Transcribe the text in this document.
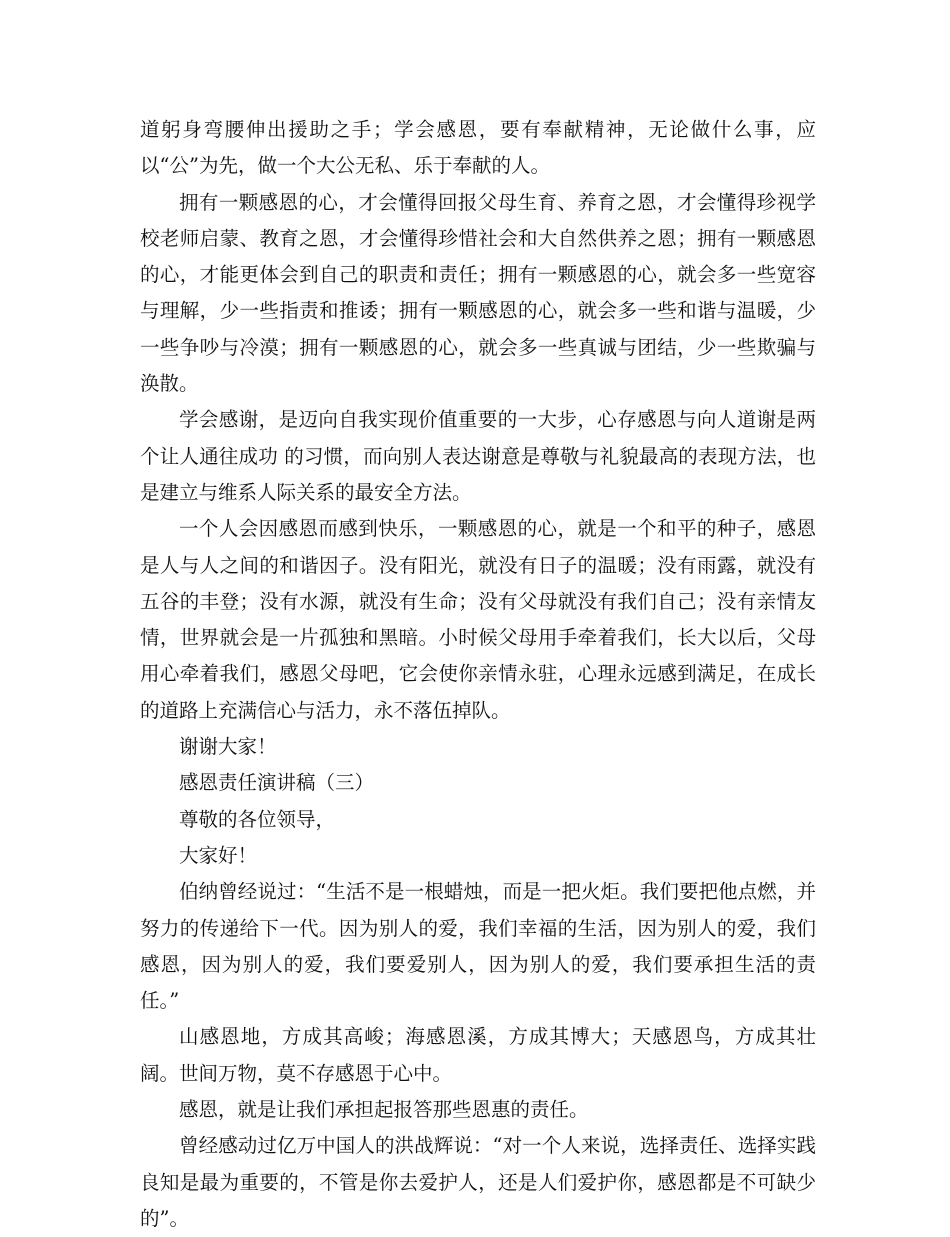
道躬身弯腰伸出援助之手；学会感恩，要有奉献精神，无论做什么事，应以“公”为先，做一个大公无私、乐于奉献的人。

拥有一颗感恩的心，才会懂得回报父母生育、养育之恩，才会懂得珍视学校老师启蒙、教育之恩，才会懂得珍惜社会和大自然供养之恩；拥有一颗感恩的心，才能更体会到自己的职责和责任；拥有一颗感恩的心，就会多一些宽容与理解，少一些指责和推诿；拥有一颗感恩的心，就会多一些和谐与温暖，少一些争吵与冷漠；拥有一颗感恩的心，就会多一些真诚与团结，少一些欺骗与涣散。

学会感谢，是迈向自我实现价值重要的一大步，心存感恩与向人道谢是两个让人通往成功 的习惯，而向别人表达谢意是尊敬与礼貌最高的表现方法，也是建立与维系人际关系的最安全方法。

一个人会因感恩而感到快乐，一颗感恩的心，就是一个和平的种子，感恩是人与人之间的和谐因子。没有阳光，就没有日子的温暖；没有雨露，就没有五谷的丰登；没有水源，就没有生命；没有父母就没有我们自己；没有亲情友情，世界就会是一片孤独和黑暗。小时候父母用手牵着我们，长大以后，父母用心牵着我们，感恩父母吧，它会使你亲情永驻，心理永远感到满足，在成长的道路上充满信心与活力，永不落伍掉队。

谢谢大家！

感恩责任演讲稿（三）

尊敬的各位领导，

大家好！

伯纳曾经说过：“生活不是一根蜡烛，而是一把火炬。我们要把他点燃，并努力的传递给下一代。因为别人的爱，我们幸福的生活，因为别人的爱，我们感恩，因为别人的爱，我们要爱别人，因为别人的爱，我们要承担生活的责任。”

山感恩地，方成其高峻；海感恩溪，方成其博大；天感恩鸟，方成其壮阔。世间万物，莫不存感恩于心中。

感恩，就是让我们承担起报答那些恩惠的责任。

曾经感动过亿万中国人的洪战辉说：“对一个人来说，选择责任、选择实践良知是最为重要的，不管是你去爱护人，还是人们爱护你，感恩都是不可缺少的”。
